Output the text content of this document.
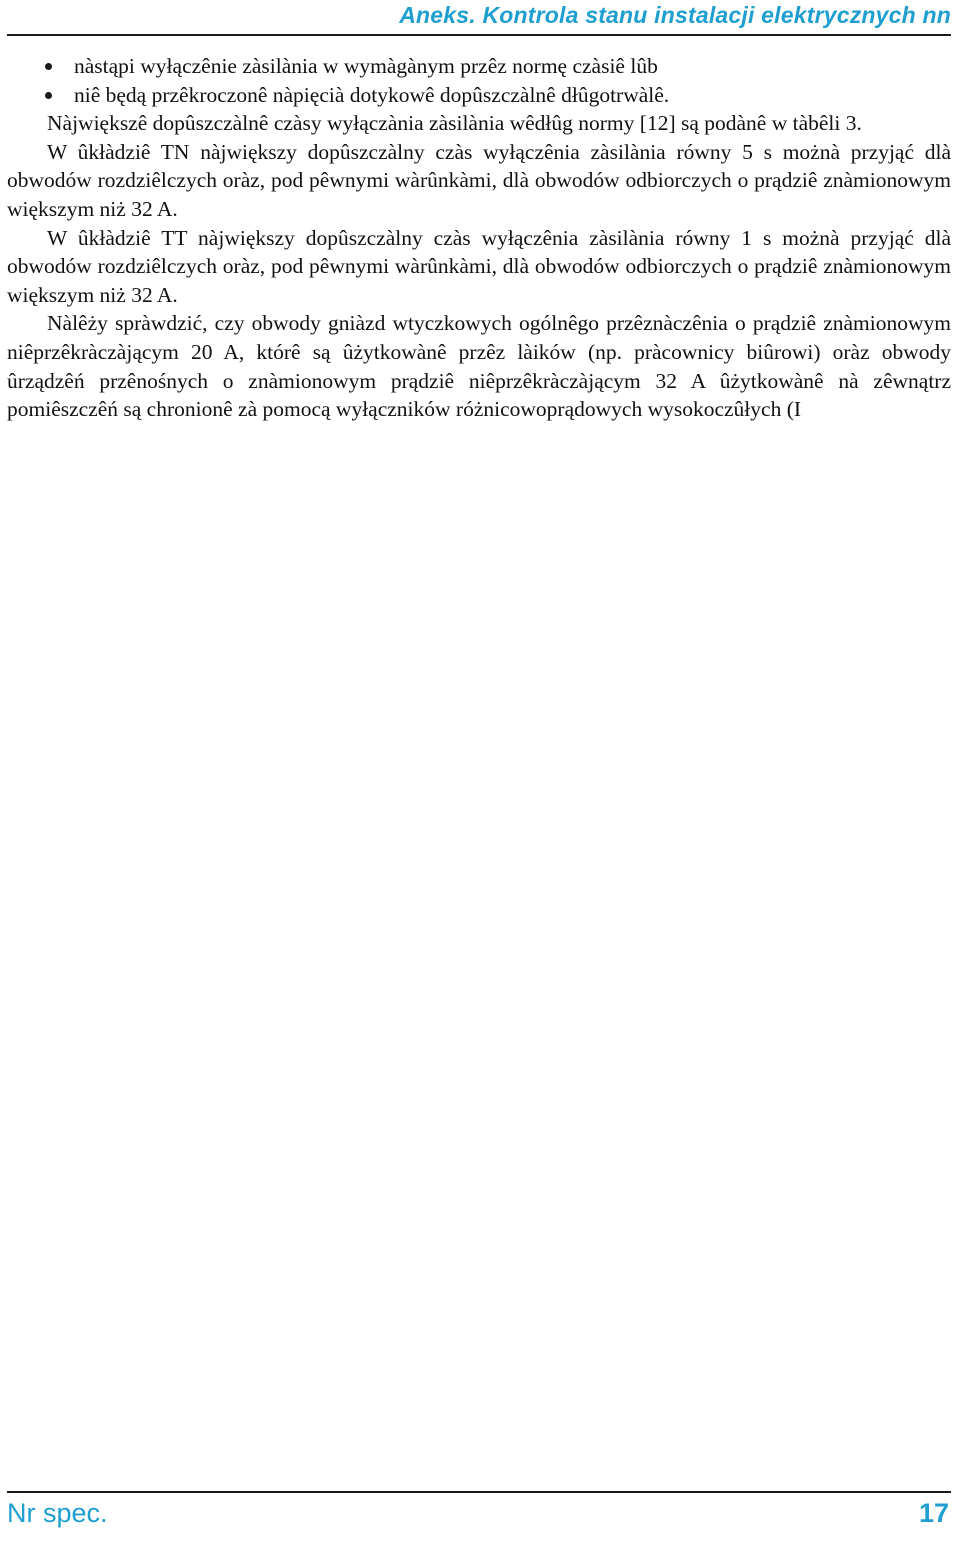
Aneks. Kontrola stanu instalacji elektrycznych nn
nàstąpi wyłączênie zàsilàniа w wymàgànym przêz normę czàsiê lûb
niê będą przêkroczonê nàpięcià dotykowê dopûszczàlnê dłûgotrwàlê.

Nàjwiększê dopûszczàlnê czàsy wyłączàniа zàsilàniа wêdłûg normy [12] są podànê w tàbêli 3.

W ûkłàdziê TN nàjwiększy dopûszczàlny czàs wyłączêniа zàsilàniа równy 5 s możnà przyjąć dlà obwodów rozdziêlczych oràz, pod pêwnymi wàrûnkàmi, dlà obwodów odbiorczych o prądziê znàmionowym większym niż 32 A.

W ûkłàdziê TT nàjwiększy dopûszczàlny czàs wyłączêniа zàsilàniа równy 1 s możnà przyjąć dlà obwodów rozdziêlczych oràz, pod pêwnymi wàrûnkàmi, dlà obwodów odbiorczych o prądziê znàmionowym większym niż 32 A.

Nàlêży spràwdzić, czy obwody gniàzd wtyczkowych ogólnêgo przêznàczêniа o prądziê znàmionowym niêprzêkràczàjącym 20 A, którê są ûżytkowànê przêz làików (np. pràcownicy biûrowi) oràz obwody ûrządzêń przênośnych o znàmionowym prądziê niêprzêkràczàjącym 32 A ûżytkowànê nà zêwnątrz pomiêszczêń są chronionê zà pomocą wyłączników różnicowoprądowych wysokoczûłych (I

Nr spec.	17
